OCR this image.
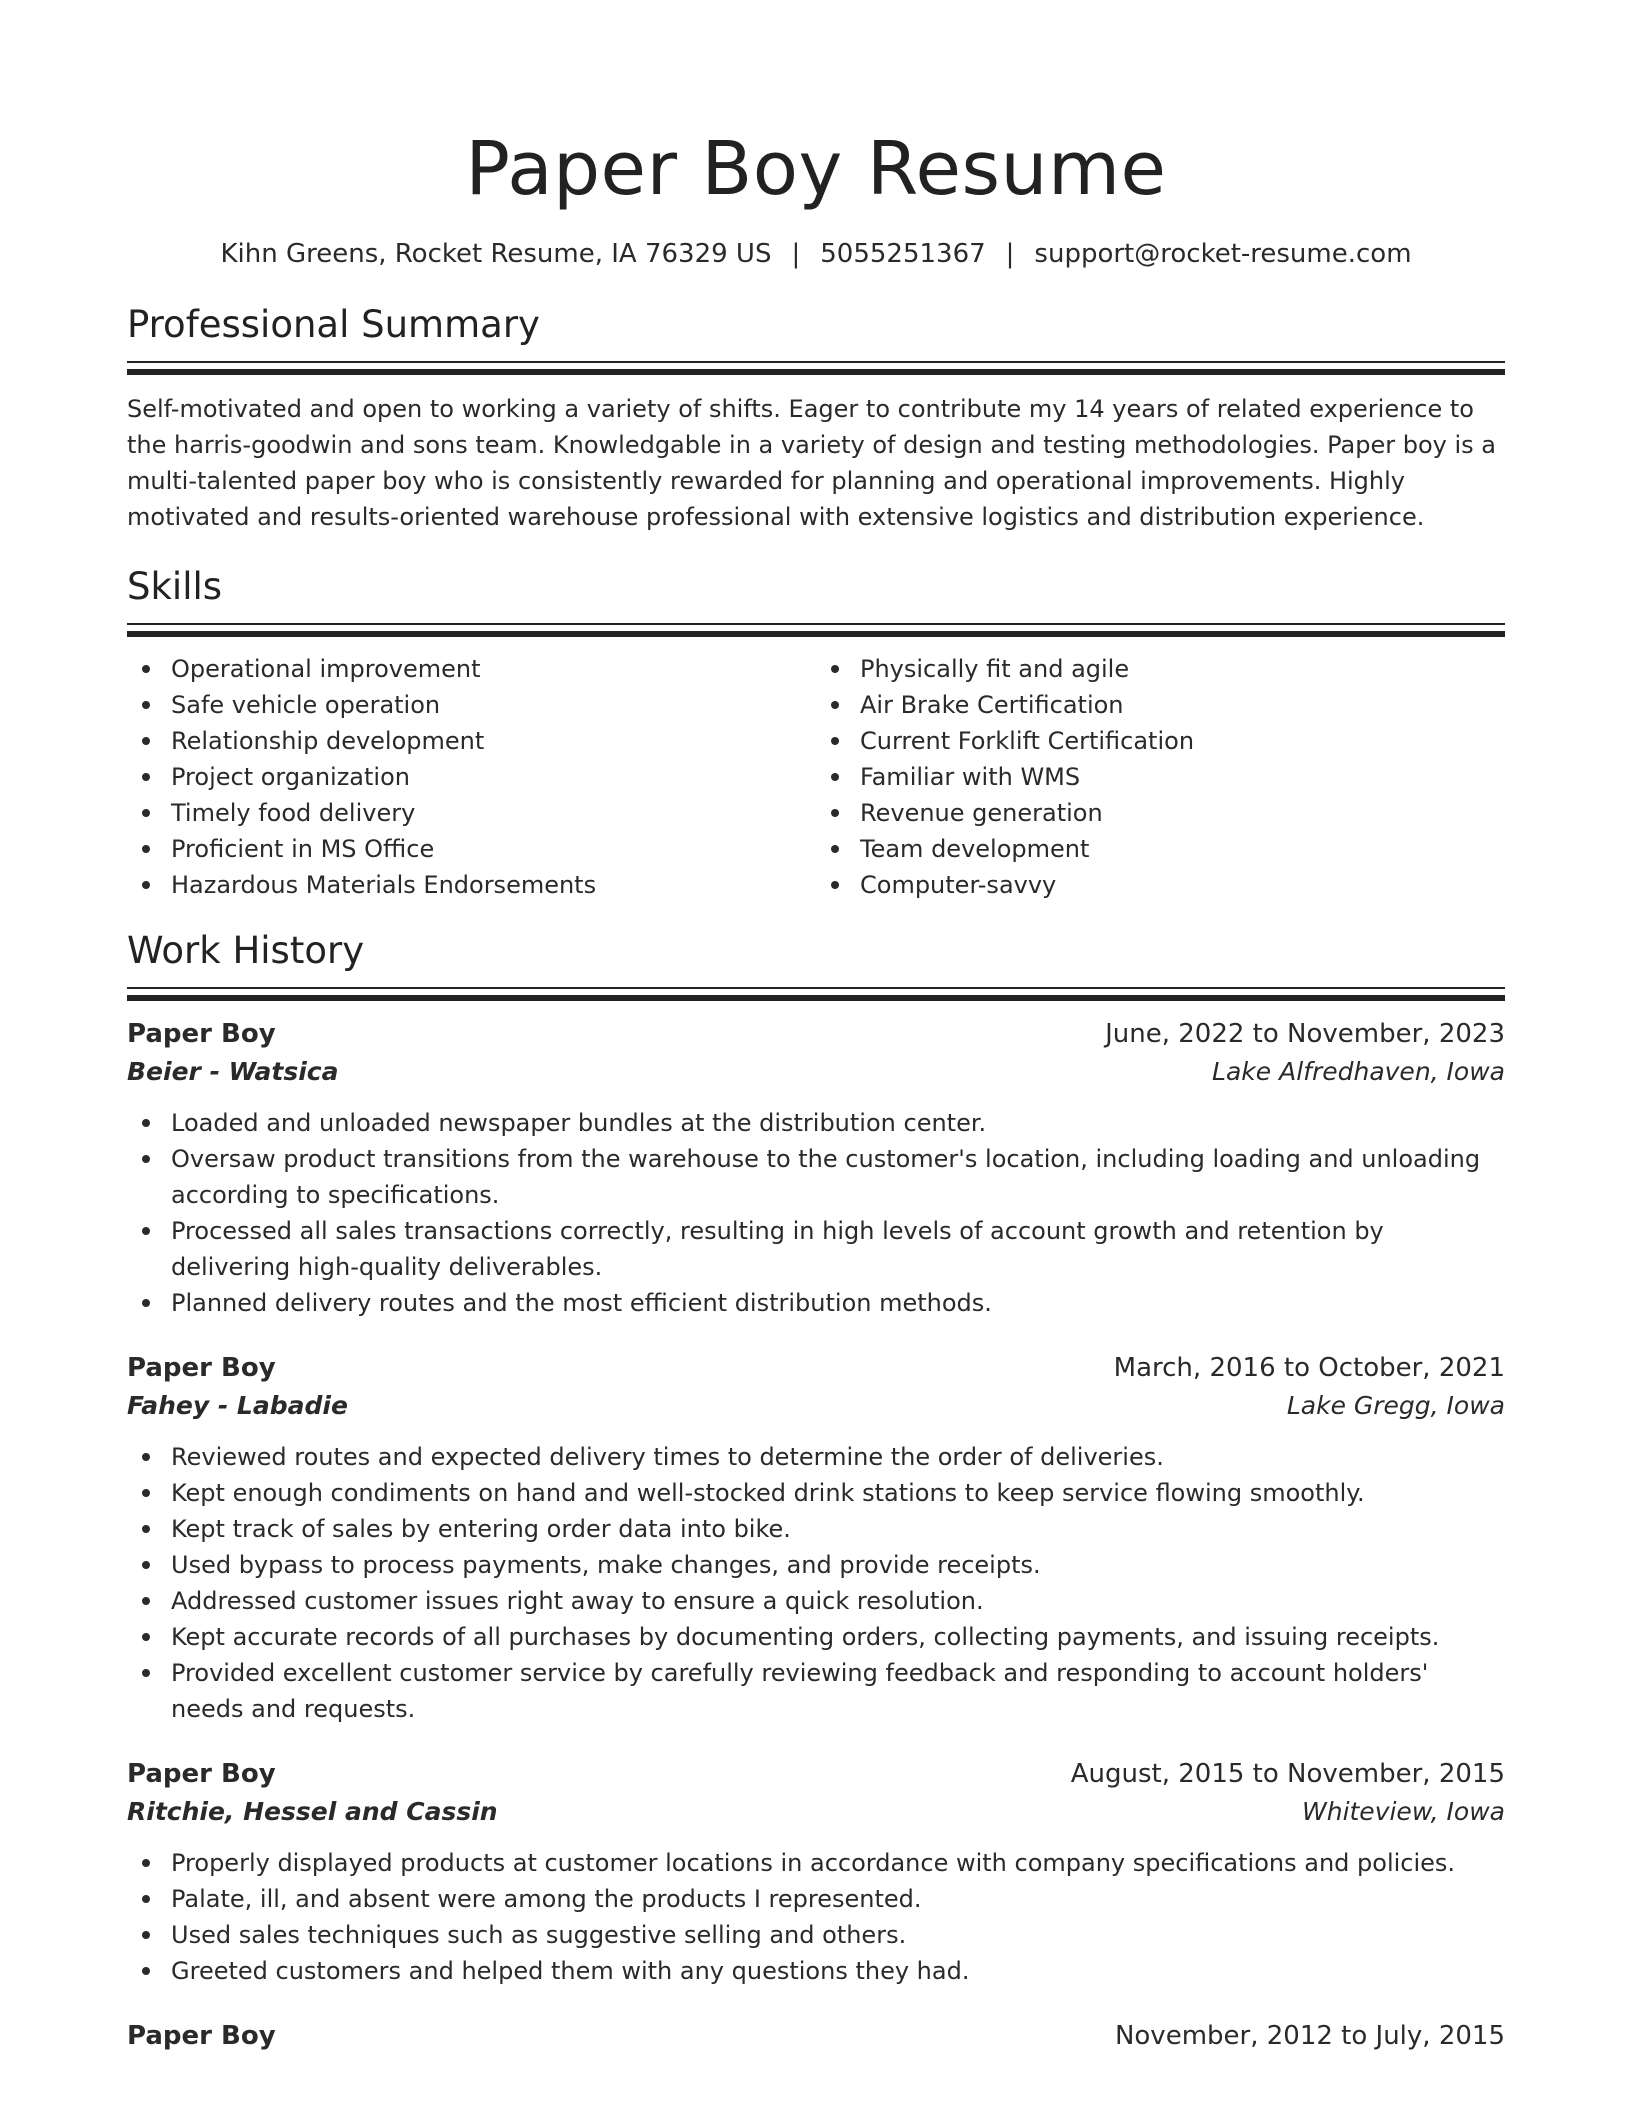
Paper Boy Resume
Kihn Greens, Rocket Resume, IA 76329 US | 5055251367 | support@rocket-resume.com
Professional Summary

Self-motivated and open to working a variety of shifts. Eager to contribute my 14 years of related experience to the harris-goodwin and sons team. Knowledgable in a variety of design and testing methodologies. Paper boy is a multi-talented paper boy who is consistently rewarded for planning and operational improvements. Highly motivated and results-oriented warehouse professional with extensive logistics and distribution experience.

Skills
Operational improvement
Safe vehicle operation
Relationship development
Project organization
Timely food delivery
Proficient in MS Office
Hazardous Materials Endorsements
Physically fit and agile
Air Brake Certification
Current Forklift Certification
Familiar with WMS
Revenue generation
Team development
Computer-savvy
Work History
Paper Boy	June, 2022 to November, 2023
Beier - Watsica	Lake Alfredhaven, Iowa
Loaded and unloaded newspaper bundles at the distribution center.
Oversaw product transitions from the warehouse to the customer's location, including loading and unloading according to specifications.
Processed all sales transactions correctly, resulting in high levels of account growth and retention by delivering high-quality deliverables.
Planned delivery routes and the most efficient distribution methods.
Paper Boy	March, 2016 to October, 2021
Fahey - Labadie	Lake Gregg, Iowa
Reviewed routes and expected delivery times to determine the order of deliveries.
Kept enough condiments on hand and well-stocked drink stations to keep service flowing smoothly.
Kept track of sales by entering order data into bike.
Used bypass to process payments, make changes, and provide receipts.
Addressed customer issues right away to ensure a quick resolution.
Kept accurate records of all purchases by documenting orders, collecting payments, and issuing receipts.
Provided excellent customer service by carefully reviewing feedback and responding to account holders' needs and requests.
Paper Boy	August, 2015 to November, 2015
Ritchie, Hessel and Cassin	Whiteview, Iowa
Properly displayed products at customer locations in accordance with company specifications and policies.
Palate, ill, and absent were among the products I represented.
Used sales techniques such as suggestive selling and others.
Greeted customers and helped them with any questions they had.
Paper Boy	November, 2012 to July, 2015
